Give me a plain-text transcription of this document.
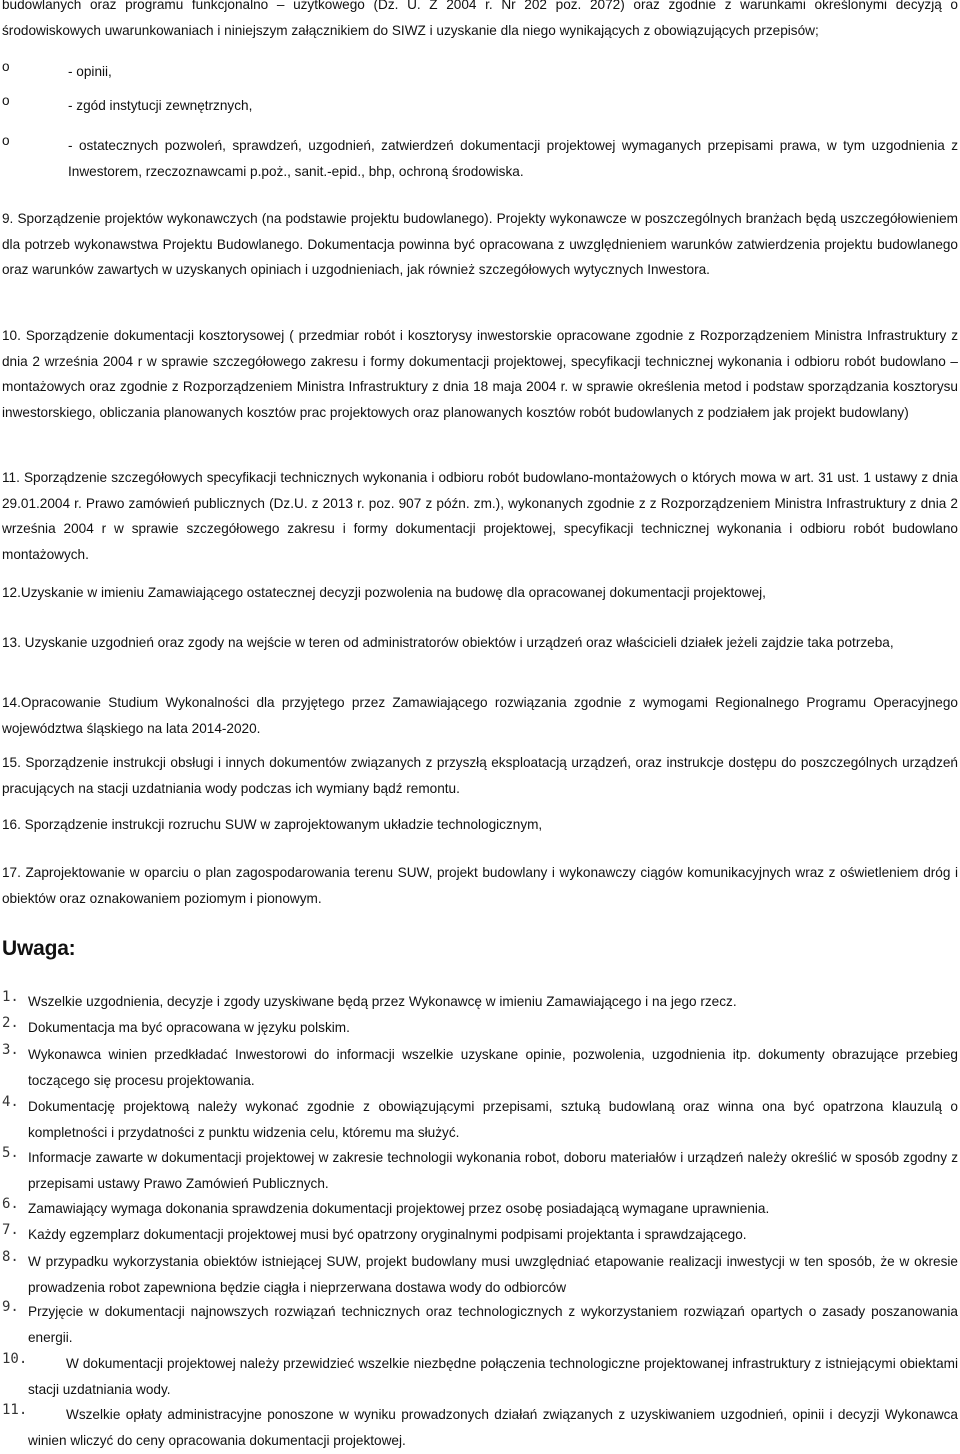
budowlanych oraz programu funkcjonalno – użytkowego (Dz. U. Z 2004 r. Nr 202 poz. 2072) oraz zgodnie z warunkami określonymi decyzją o środowiskowych uwarunkowaniach i niniejszym załącznikiem do SIWZ i uzyskanie dla niego wynikających z obowiązujących przepisów;

o	- opinii,

o	- zgód instytucji zewnętrznych,

o	- ostatecznych pozwoleń, sprawdzeń, uzgodnień, zatwierdzeń dokumentacji projektowej wymaganych przepisami prawa, w tym uzgodnienia z Inwestorem, rzeczoznawcami p.poż., sanit.-epid., bhp, ochroną środowiska.

9. Sporządzenie projektów wykonawczych (na podstawie projektu budowlanego). Projekty wykonawcze w poszczególnych branżach będą uszczegółowieniem dla potrzeb wykonawstwa Projektu Budowlanego. Dokumentacja powinna być opracowana z uwzględnieniem warunków zatwierdzenia projektu budowlanego oraz warunków zawartych w uzyskanych opiniach i uzgodnieniach, jak również szczegółowych wytycznych Inwestora.

10. Sporządzenie dokumentacji kosztorysowej ( przedmiar robót i kosztorysy inwestorskie opracowane zgodnie z Rozporządzeniem Ministra Infrastruktury z dnia 2 września 2004 r w sprawie szczegółowego zakresu i formy dokumentacji projektowej, specyfikacji technicznej wykonania i odbioru robót budowlano – montażowych oraz zgodnie z Rozporządzeniem Ministra Infrastruktury z dnia 18 maja 2004 r. w sprawie określenia metod i podstaw sporządzania kosztorysu inwestorskiego, obliczania planowanych kosztów prac projektowych oraz planowanych kosztów robót budowlanych z podziałem jak projekt budowlany)

11. Sporządzenie szczegółowych specyfikacji technicznych wykonania i odbioru robót budowlano-montażowych o których mowa w art. 31 ust. 1 ustawy z dnia 29.01.2004 r. Prawo zamówień publicznych (Dz.U. z 2013 r. poz. 907 z późn. zm.), wykonanych zgodnie z z Rozporządzeniem Ministra Infrastruktury z dnia 2 września 2004 r w sprawie szczegółowego zakresu i formy dokumentacji projektowej, specyfikacji technicznej wykonania i odbioru robót budowlano montażowych.

12.Uzyskanie w imieniu Zamawiającego ostatecznej decyzji pozwolenia na budowę dla opracowanej dokumentacji projektowej,

13. Uzyskanie uzgodnień oraz zgody na wejście w teren od administratorów obiektów i urządzeń oraz właścicieli działek jeżeli zajdzie taka potrzeba,

14.Opracowanie Studium Wykonalności dla przyjętego przez Zamawiającego rozwiązania zgodnie z wymogami Regionalnego Programu Operacyjnego województwa śląskiego na lata 2014-2020.

15. Sporządzenie instrukcji obsługi i innych dokumentów związanych z przyszłą eksploatacją urządzeń, oraz instrukcje dostępu do poszczególnych urządzeń pracujących na stacji uzdatniania wody podczas ich wymiany bądź remontu.

16. Sporządzenie instrukcji rozruchu SUW w zaprojektowanym układzie technologicznym,

17. Zaprojektowanie w oparciu o plan zagospodarowania terenu SUW, projekt budowlany i wykonawczy ciągów komunikacyjnych wraz z oświetleniem dróg i obiektów oraz oznakowaniem poziomym i pionowym.

Uwaga:
1. Wszelkie uzgodnienia, decyzje i zgody uzyskiwane będą przez Wykonawcę w imieniu Zamawiającego i na jego rzecz.

2. Dokumentacja ma być opracowana w języku polskim.

3. Wykonawca winien przedkładać Inwestorowi do informacji wszelkie uzyskane opinie, pozwolenia, uzgodnienia itp. dokumenty obrazujące przebieg toczącego się procesu projektowania.

4. Dokumentację projektową należy wykonać zgodnie z obowiązującymi przepisami, sztuką budowlaną oraz winna ona być opatrzona klauzulą o kompletności i przydatności z punktu widzenia celu, któremu ma służyć.

5. Informacje zawarte w dokumentacji projektowej w zakresie technologii wykonania robot, doboru materiałów i urządzeń należy określić w sposób zgodny z przepisami ustawy Prawo Zamówień Publicznych.

6. Zamawiający wymaga dokonania sprawdzenia dokumentacji projektowej przez osobę posiadającą wymagane uprawnienia.

7. Każdy egzemplarz dokumentacji projektowej musi być opatrzony oryginalnymi podpisami projektanta i sprawdzającego.

8. W przypadku wykorzystania obiektów istniejącej SUW, projekt budowlany musi uwzględniać etapowanie realizacji inwestycji w ten sposób, że w okresie prowadzenia robot zapewniona będzie ciągła i nieprzerwana dostawa wody do odbiorców

9. Przyjęcie w dokumentacji najnowszych rozwiązań technicznych oraz technologicznych z wykorzystaniem rozwiązań opartych o zasady poszanowania energii.

10.	W dokumentacji projektowej należy przewidzieć wszelkie niezbędne połączenia technologiczne projektowanej infrastruktury z istniejącymi obiektami stacji uzdatniania wody.

11.	Wszelkie opłaty administracyjne ponoszone w wyniku prowadzonych działań związanych z uzyskiwaniem uzgodnień, opinii i decyzji Wykonawca winien wliczyć do ceny opracowania dokumentacji projektowej.
